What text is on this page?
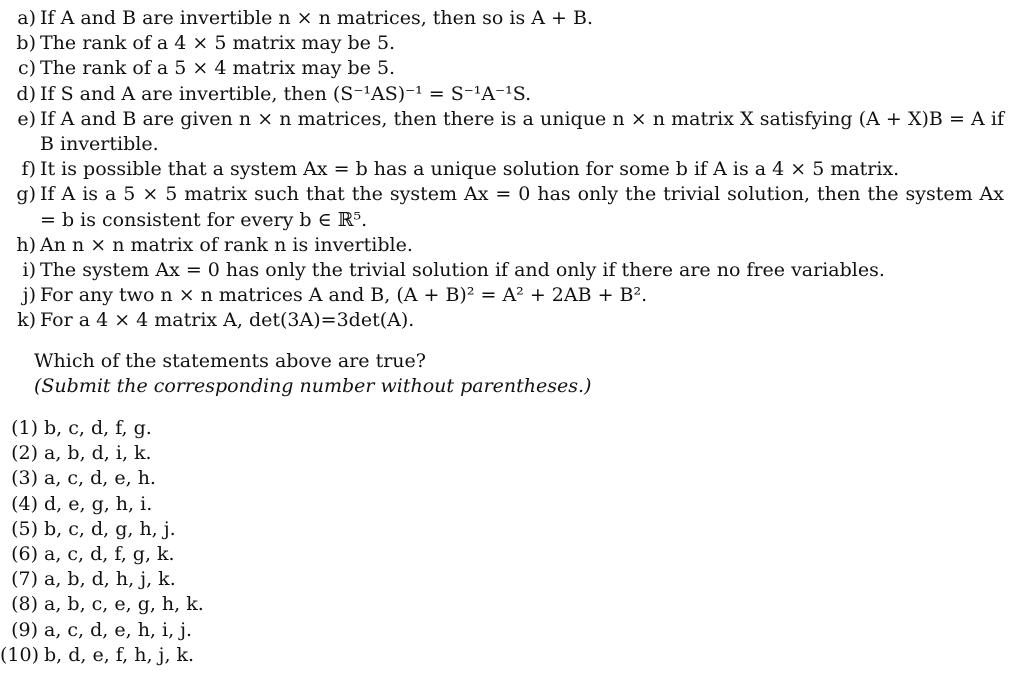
a) If A and B are invertible n × n matrices, then so is A + B.
b) The rank of a 4 × 5 matrix may be 5.
c) The rank of a 5 × 4 matrix may be 5.
d) If S and A are invertible, then (S⁻¹AS)⁻¹ = S⁻¹A⁻¹S.
e) If A and B are given n × n matrices, then there is a unique n × n matrix X satisfying (A + X)B = A if B invertible.
f) It is possible that a system Ax = b has a unique solution for some b if A is a 4 × 5 matrix.
g) If A is a 5 × 5 matrix such that the system Ax = 0 has only the trivial solution, then the system Ax = b is consistent for every b ∈ ℝ⁵.
h) An n × n matrix of rank n is invertible.
i) The system Ax = 0 has only the trivial solution if and only if there are no free variables.
j) For any two n × n matrices A and B, (A + B)² = A² + 2AB + B².
k) For a 4 × 4 matrix A, det(3A)=3det(A).
Which of the statements above are true?
(Submit the corresponding number without parentheses.)
(1) b, c, d, f, g.
(2) a, b, d, i, k.
(3) a, c, d, e, h.
(4) d, e, g, h, i.
(5) b, c, d, g, h, j.
(6) a, c, d, f, g, k.
(7) a, b, d, h, j, k.
(8) a, b, c, e, g, h, k.
(9) a, c, d, e, h, i, j.
(10) b, d, e, f, h, j, k.
